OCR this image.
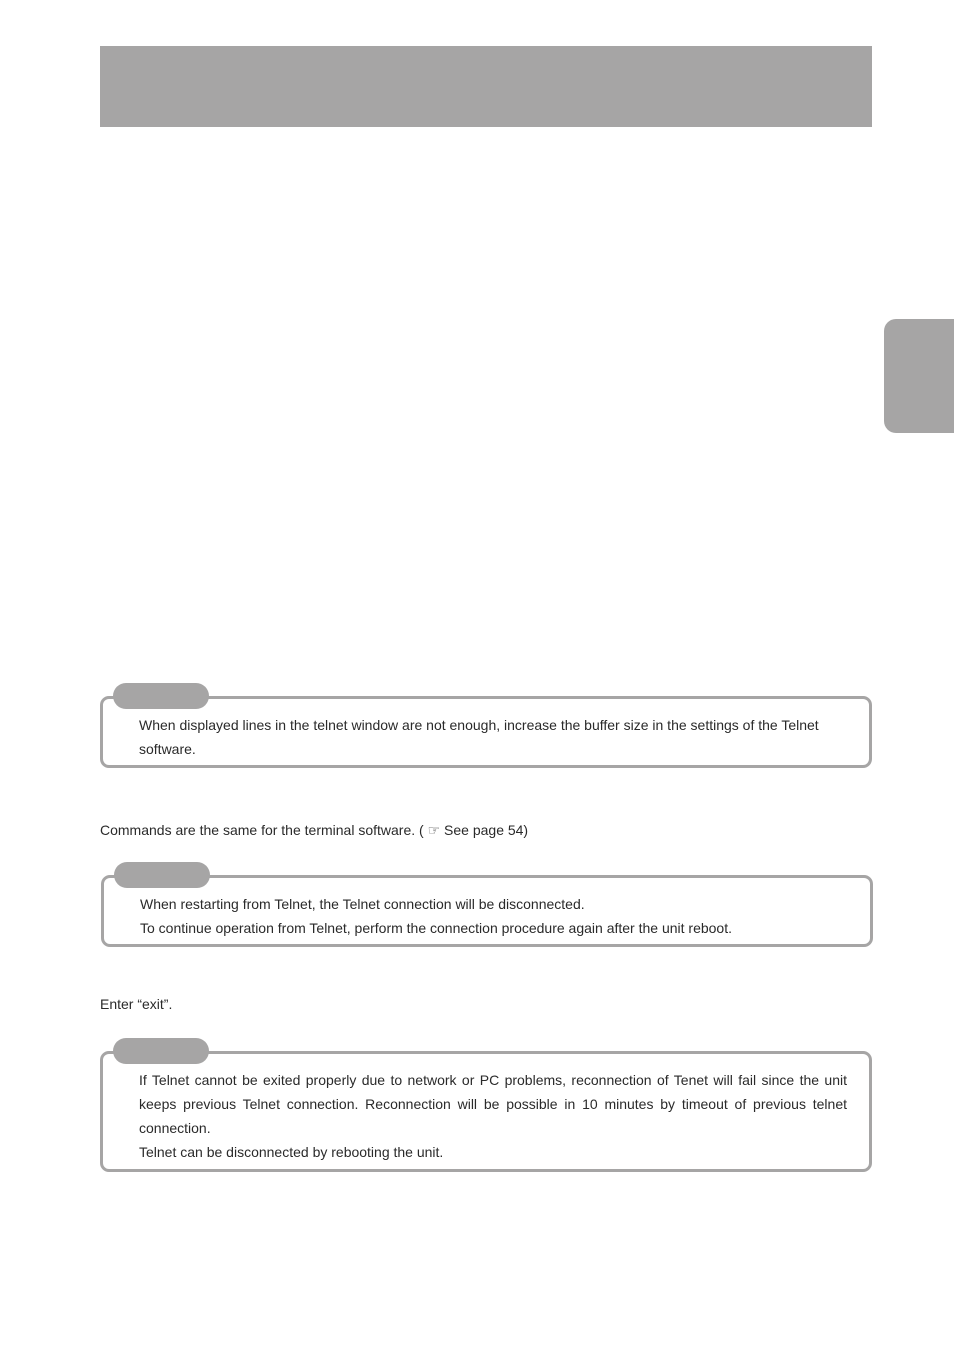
When displayed lines in the telnet window are not enough, increase the buffer size in the settings of the Telnet software.

Commands are the same for the terminal software. ( ☞ See page 54)

When restarting from Telnet, the Telnet connection will be disconnected.

To continue operation from Telnet, perform the connection procedure again after the unit reboot.

Enter “exit”.

If Telnet cannot be exited properly due to network or PC problems, reconnection of Tenet will fail since the unit keeps previous Telnet connection. Reconnection will be possible in 10 minutes by timeout of previous telnet connection.

Telnet can be disconnected by rebooting the unit.
